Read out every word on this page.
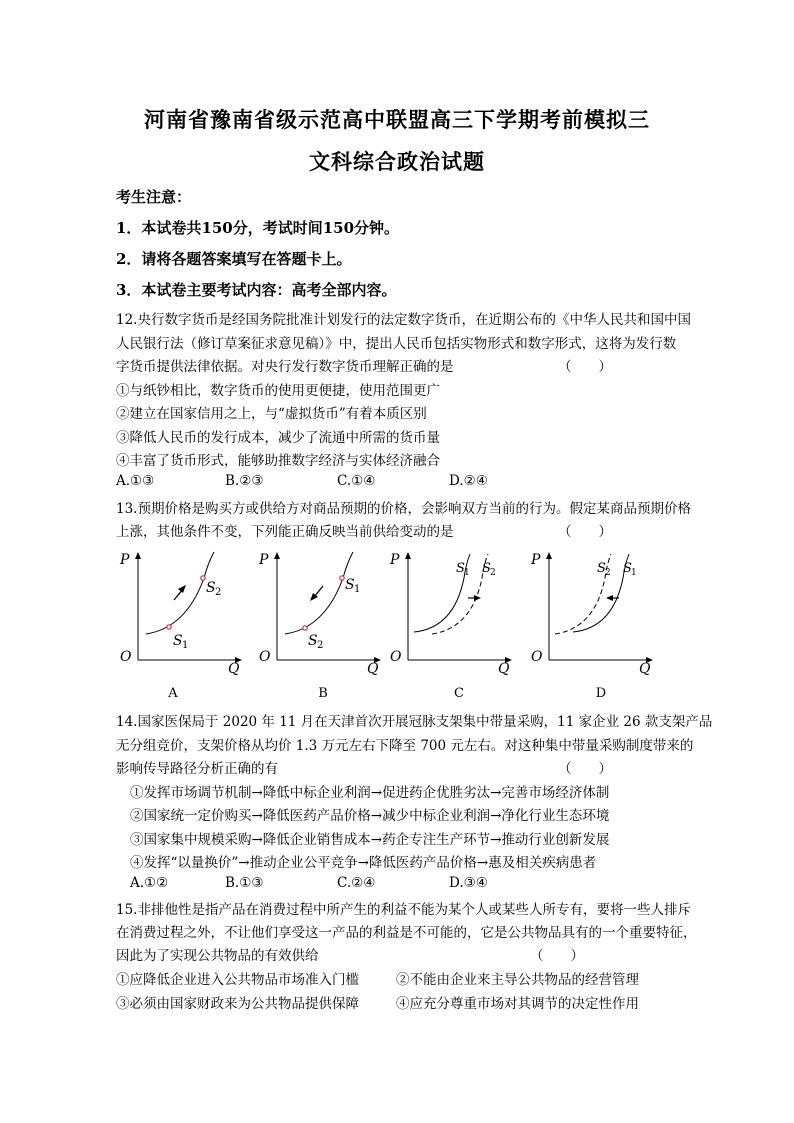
河南省豫南省级示范高中联盟高三下学期考前模拟三
文科综合政治试题
考生注意：
1．本试卷共150分，考试时间150分钟。
2．请将各题答案填写在答题卡上。
3．本试卷主要考试内容：高考全部内容。
12.央行数字货币是经国务院批准计划发行的法定数字货币，在近期公布的《中华人民共和国中国
人民银行法（修订草案征求意见稿）》中，提出人民币包括实物形式和数字形式，这将为发行数
字货币提供法律依据。对央行发行数字货币理解正确的是	（　　）
①与纸钞相比，数字货币的使用更便捷，使用范围更广
②建立在国家信用之上，与“虚拟货币”有着本质区别
③降低人民币的发行成本，减少了流通中所需的货币量
④丰富了货币形式，能够助推数字经济与实体经济融合
A.①③	B.②③	C.①④	D.②④
13.预期价格是购买方或供给方对商品预期的价格，会影响双方当前的行为。假定某商品预期价格
上涨，其他条件不变，下列能正确反映当前供给变动的是	（　　）
P
Q
O
S 2
S 1
P
Q
O
S 1
S 2
P
Q
O
S 1 S 2
P
Q
O
S 2 S 1
A	B	C	D
14.国家医保局于 2020 年 11 月在天津首次开展冠脉支架集中带量采购，11 家企业 26 款支架产品
无分组竞价，支架价格从均价 1.3 万元左右下降至 700 元左右。对这种集中带量采购制度带来的
影响传导路径分析正确的有	（　　）
①发挥市场调节机制→降低中标企业利润→促进药企优胜劣汰→完善市场经济体制
②国家统一定价购买→降低医药产品价格→减少中标企业利润→净化行业生态环境
③国家集中规模采购→降低企业销售成本→药企专注生产环节→推动行业创新发展
④发挥“以量换价”→推动企业公平竞争→降低医药产品价格→惠及相关疾病患者
A.①②	B.①③	C.②④	D.③④
15.非排他性是指产品在消费过程中所产生的利益不能为某个人或某些人所专有，要将一些人排斥
在消费过程之外，不让他们享受这一产品的利益是不可能的，它是公共物品具有的一个重要特征，
因此为了实现公共物品的有效供给	（　　）
①应降低企业进入公共物品市场准入门槛	②不能由企业来主导公共物品的经营管理
③必须由国家财政来为公共物品提供保障	④应充分尊重市场对其调节的决定性作用
